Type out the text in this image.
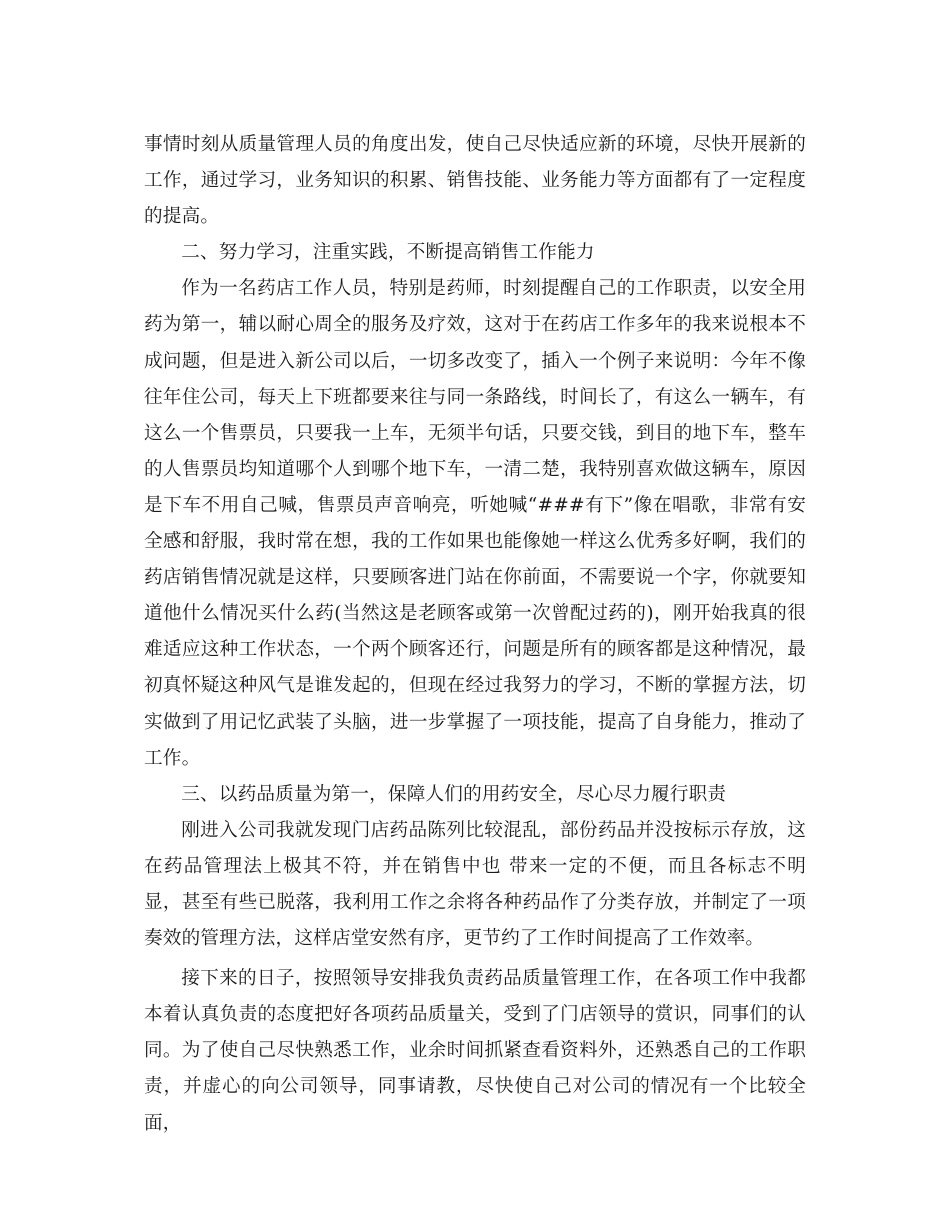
事情时刻从质量管理人员的角度出发，使自己尽快适应新的环境，尽快开展新的工作，通过学习，业务知识的积累、销售技能、业务能力等方面都有了一定程度的提高。

二、努力学习，注重实践，不断提高销售工作能力

作为一名药店工作人员，特别是药师，时刻提醒自己的工作职责，以安全用药为第一，辅以耐心周全的服务及疗效，这对于在药店工作多年的我来说根本不成问题，但是进入新公司以后，一切多改变了，插入一个例子来说明：今年不像往年住公司，每天上下班都要来往与同一条路线，时间长了，有这么一辆车，有这么一个售票员，只要我一上车，无须半句话，只要交钱，到目的地下车，整车的人售票员均知道哪个人到哪个地下车，一清二楚，我特别喜欢做这辆车，原因是下车不用自己喊，售票员声音响亮，听她喊“###有下”像在唱歌，非常有安全感和舒服，我时常在想，我的工作如果也能像她一样这么优秀多好啊，我们的药店销售情况就是这样，只要顾客进门站在你前面，不需要说一个字，你就要知道他什么情况买什么药(当然这是老顾客或第一次曾配过药的)，刚开始我真的很难适应这种工作状态，一个两个顾客还行，问题是所有的顾客都是这种情况，最初真怀疑这种风气是谁发起的，但现在经过我努力的学习，不断的掌握方法，切实做到了用记忆武装了头脑，进一步掌握了一项技能，提高了自身能力，推动了工作。

三、以药品质量为第一，保障人们的用药安全，尽心尽力履行职责

刚进入公司我就发现门店药品陈列比较混乱，部份药品并没按标示存放，这在药品管理法上极其不符，并在销售中也 带来一定的不便，而且各标志不明显，甚至有些已脱落，我利用工作之余将各种药品作了分类存放，并制定了一项奏效的管理方法，这样店堂安然有序，更节约了工作时间提高了工作效率。

接下来的日子，按照领导安排我负责药品质量管理工作，在各项工作中我都本着认真负责的态度把好各项药品质量关，受到了门店领导的赏识，同事们的认同。为了使自己尽快熟悉工作，业余时间抓紧查看资料外，还熟悉自己的工作职责，并虚心的向公司领导，同事请教，尽快使自己对公司的情况有一个比较全面，
